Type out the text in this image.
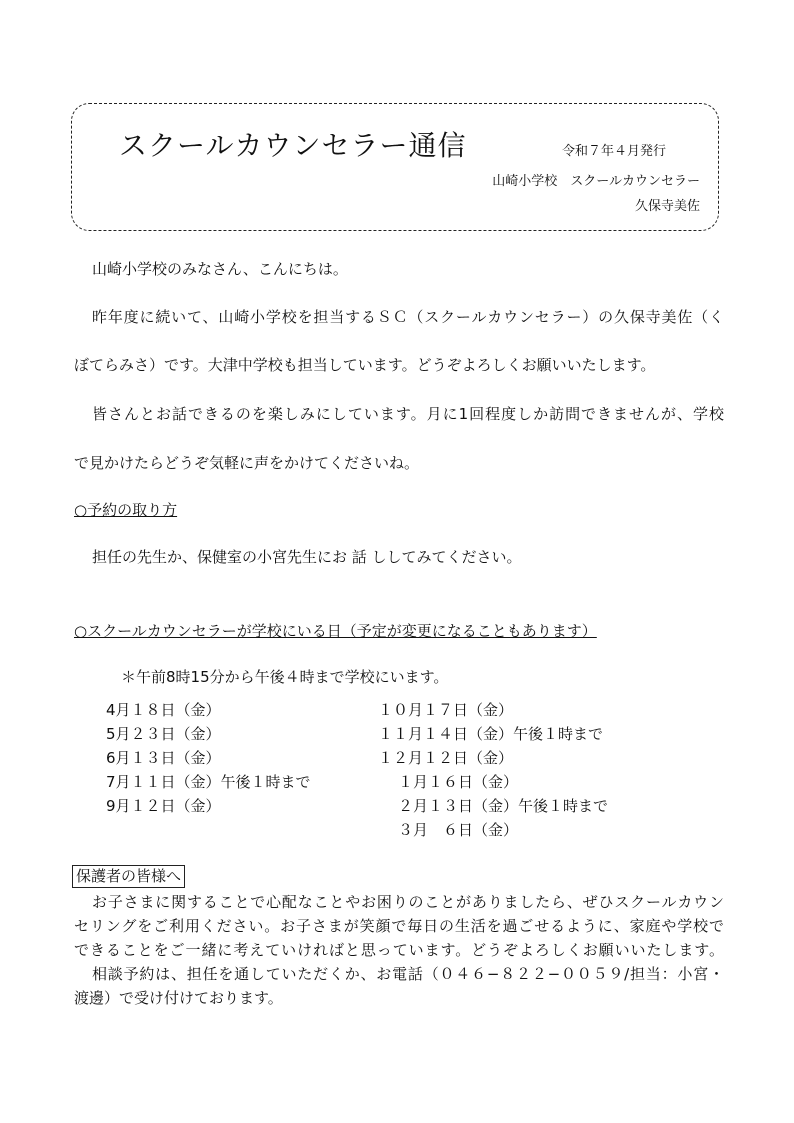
スクールカウンセラー通信	令和７年４月発行
山崎小学校　スクールカウンセラー
久保寺美佐
山崎小学校のみなさん、こんにちは。
昨年度に続いて、山崎小学校を担当するＳＣ（スクールカウンセラー）の久保寺美佐（く
ぼてらみさ）です。大津中学校も担当しています。どうぞよろしくお願いいたします。
皆さんとお話できるのを楽しみにしています。月に1回程度しか訪問できませんが、学校
で見かけたらどうぞ気軽に声をかけてくださいね。
○予約の取り方
担任の先生か、保健室の小宮先生にお 話 ししてみてください。
○スクールカウンセラーが学校にいる日（予定が変更になることもあります）
＊午前8時15分から午後４時まで学校にいます。
4月１８日（金）
5月２３日（金）
6月１３日（金）
7月１１日（金）午後１時まで
9月１２日（金）
１０月１７日（金）
１１月１４日（金）午後１時まで
１２月１２日（金）
１月１６日（金）
２月１３日（金）午後１時まで
３月　６日（金）
保護者の皆様へ
お子さまに関することで心配なことやお困りのことがありましたら、ぜひスクールカウン
セリングをご利用ください。お子さまが笑顔で毎日の生活を過ごせるように、家庭や学校で
できることをご一緒に考えていければと思っています。どうぞよろしくお願いいたします。
相談予約は、担任を通していただくか、お電話（０４６−８２２−００５９/担当：小宮・
渡邊）で受け付けております。
